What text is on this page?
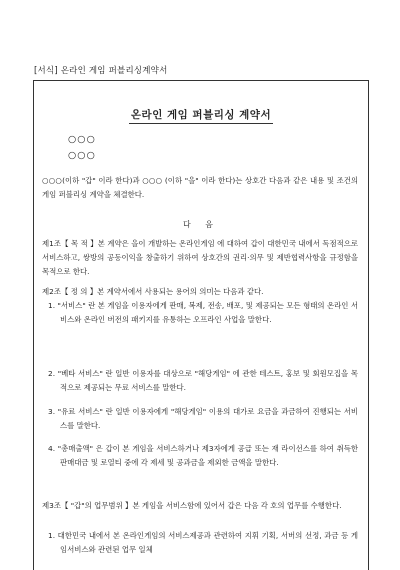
[서식] 온라인 게임 퍼블리싱계약서
온라인 게임 퍼블리싱 계약서
○○○
○○○
○○○(이하 "갑" 이라 한다)과 ○○○ (이하 "을" 이라 한다)는 상호간 다음과 같은 내용 및 조건의 게임 퍼블리싱 계약을 체결한다.
다 음
제1조【 목 적 】본 계약은 을이 개발하는 온라인게임 에 대하여 갑이 대한민국 내에서 독점적으로 서비스하고, 쌍방의 공동이익을 창출하기 위하여 상호간의 권리·의무 및 제반협력사항을 규정함을 목적으로 한다.
제2조【 정 의 】본 계약서에서 사용되는 용어의 의미는 다음과 같다.
1. "서비스" 란 본 게임을 이용자에게 판매, 복제, 전송, 배포, 및 제공되는 모든 형태의 온라인 서비스와 온라인 버전의 패키지를 유통하는 오프라인 사업을 말한다.
2. "베타 서비스" 란 일반 이용자를 대상으로 "해당게임" 에 관한 테스트, 홍보 및 회원모집을 목적으로 제공되는 무료 서비스를 말한다.
3. "유료 서비스" 란 일반 이용자에게 "해당게임" 이용의 대가로 요금을 과금하여 진행되는 서비스를 말한다.
4. "총매출액" 은 갑이 본 게임을 서비스하거나 제3자에게 공급 또는 재 라이선스를 하여 취득한 판매대금 및 로열티 중에 각 제세 및 공과금을 제외한 금액을 말한다.
제3조【 "갑"의 업무범위 】본 게임을 서비스함에 있어서 갑은 다음 각 호의 업무를 수행한다.
1. 대한민국 내에서 본 온라인게임의 서비스제공과 관련하여 지휘 기획, 서버의 선정, 과금 등 게임서비스와 관련된 업무 일체
